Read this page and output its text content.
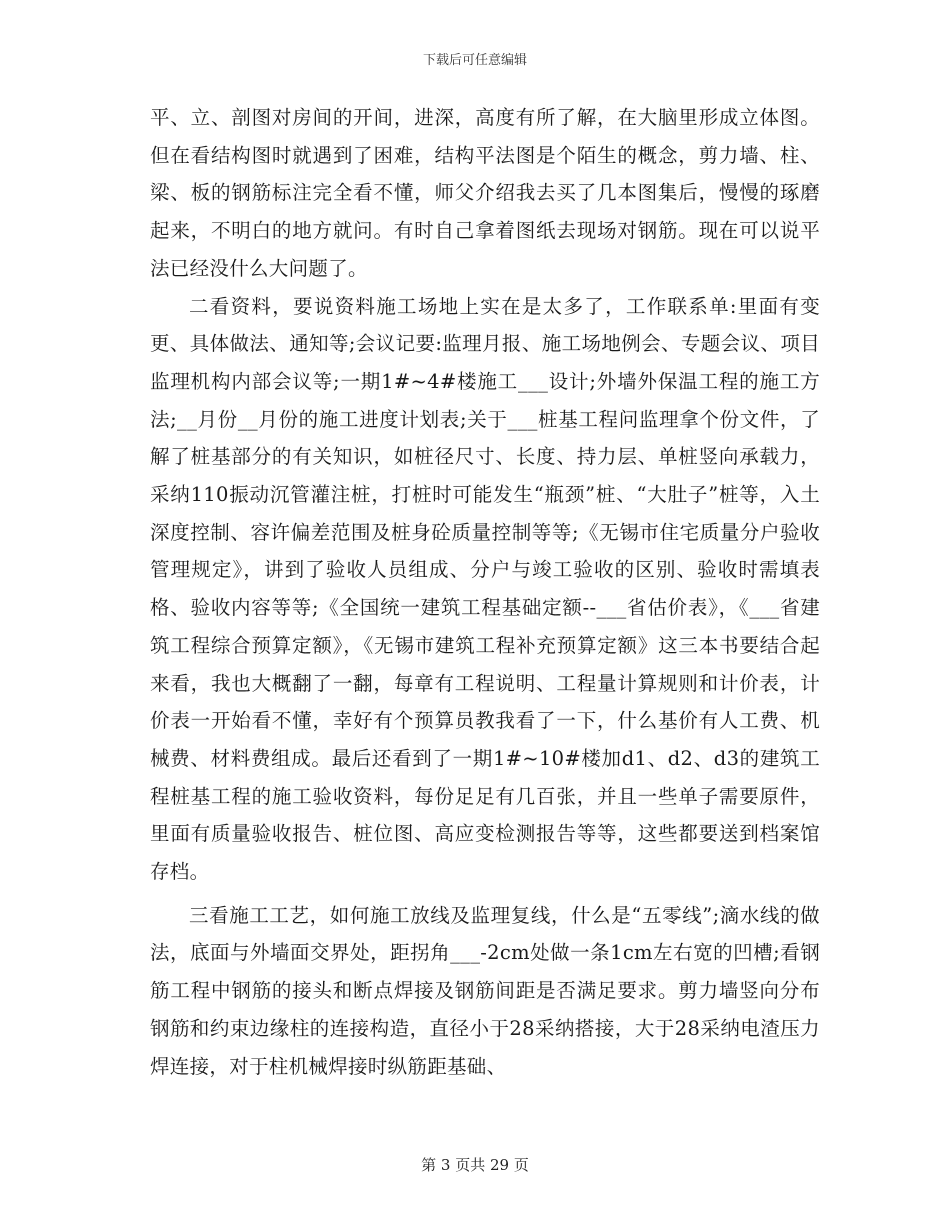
下载后可任意编辑

平、立、剖图对房间的开间，进深，高度有所了解，在大脑里形成立体图。但在看结构图时就遇到了困难，结构平法图是个陌生的概念，剪力墙、柱、梁、板的钢筋标注完全看不懂，师父介绍我去买了几本图集后，慢慢的琢磨起来，不明白的地方就问。有时自己拿着图纸去现场对钢筋。现在可以说平法已经没什么大问题了。

二看资料，要说资料施工场地上实在是太多了，工作联系单:里面有变更、具体做法、通知等;会议记要:监理月报、施工场地例会、专题会议、项目监理机构内部会议等;一期1#~4#楼施工___设计;外墙外保温工程的施工方法;__月份__月份的施工进度计划表;关于___桩基工程问监理拿个份文件，了解了桩基部分的有关知识，如桩径尺寸、长度、持力层、单桩竖向承载力，采纳110振动沉管灌注桩，打桩时可能发生“瓶颈”桩、“大肚子”桩等，入土深度控制、容许偏差范围及桩身砼质量控制等等;《无锡市住宅质量分户验收管理规定》，讲到了验收人员组成、分户与竣工验收的区别、验收时需填表格、验收内容等等;《全国统一建筑工程基础定额--___省估价表》，《___省建筑工程综合预算定额》，《无锡市建筑工程补充预算定额》这三本书要结合起来看，我也大概翻了一翻，每章有工程说明、工程量计算规则和计价表，计价表一开始看不懂，幸好有个预算员教我看了一下，什么基价有人工费、机械费、材料费组成。最后还看到了一期1#~10#楼加d1、d2、d3的建筑工程桩基工程的施工验收资料，每份足足有几百张，并且一些单子需要原件，里面有质量验收报告、桩位图、高应变检测报告等等，这些都要送到档案馆存档。

三看施工工艺，如何施工放线及监理复线，什么是“五零线”;滴水线的做法，底面与外墙面交界处，距拐角___-2cm处做一条1cm左右宽的凹槽;看钢筋工程中钢筋的接头和断点焊接及钢筋间距是否满足要求。剪力墙竖向分布钢筋和约束边缘柱的连接构造，直径小于28采纳搭接，大于28采纳电渣压力焊连接，对于柱机械焊接时纵筋距基础、

第 3 页共 29 页
